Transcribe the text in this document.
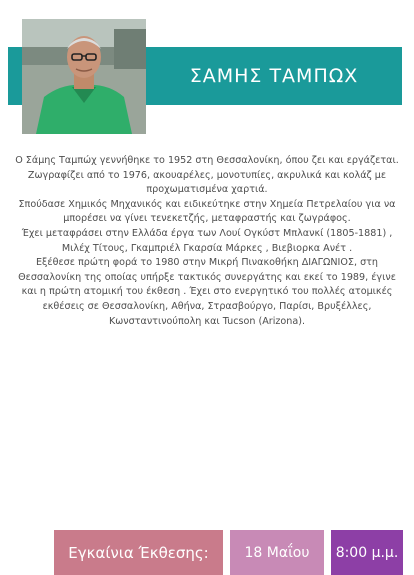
ΣΑΜΗΣ ΤΑΜΠΩΧ

Ο Σάμης Ταμπώχ γεννήθηκε το 1952 στη Θεσσαλονίκη, όπου ζει και εργάζεται.

Ζωγραφίζει από το 1976, ακουαρέλες, μονοτυπίες, ακρυλικά και κολάζ με προχωματισμένα χαρτιά.

Σπούδασε Χημικός Μηχανικός και ειδικεύτηκε στην Χημεία Πετρελαίου για να μπορέσει να γίνει τενεκετζής, μεταφραστής και ζωγράφος.

Έχει μεταφράσει στην Ελλάδα έργα των Λουί Ογκύστ Μπλανκί (1805-1881) , Μιλέχ Τίτους, Γκαμπριέλ Γκαρσία Μάρκες , Βιεβιορκα Ανέτ .

Εξέθεσε πρώτη φορά το 1980 στην Μικρή Πινακοθήκη ΔΙΑΓΩΝΙΟΣ, στη Θεσσαλονίκη της οποίας υπήρξε τακτικός συνεργάτης και εκεί το 1989, έγινε και η πρώτη ατομική του έκθεση . Έχει στο ενεργητικό του πολλές ατομικές εκθέσεις σε Θεσσαλονίκη, Αθήνα, Στρασβούργο, Παρίσι, Βρυξέλλες, Κωνσταντινούπολη και Tucson (Arizona).

Εγκαίνια Έκθεσης:	18 Μαΐου	8:00 μ.μ.
